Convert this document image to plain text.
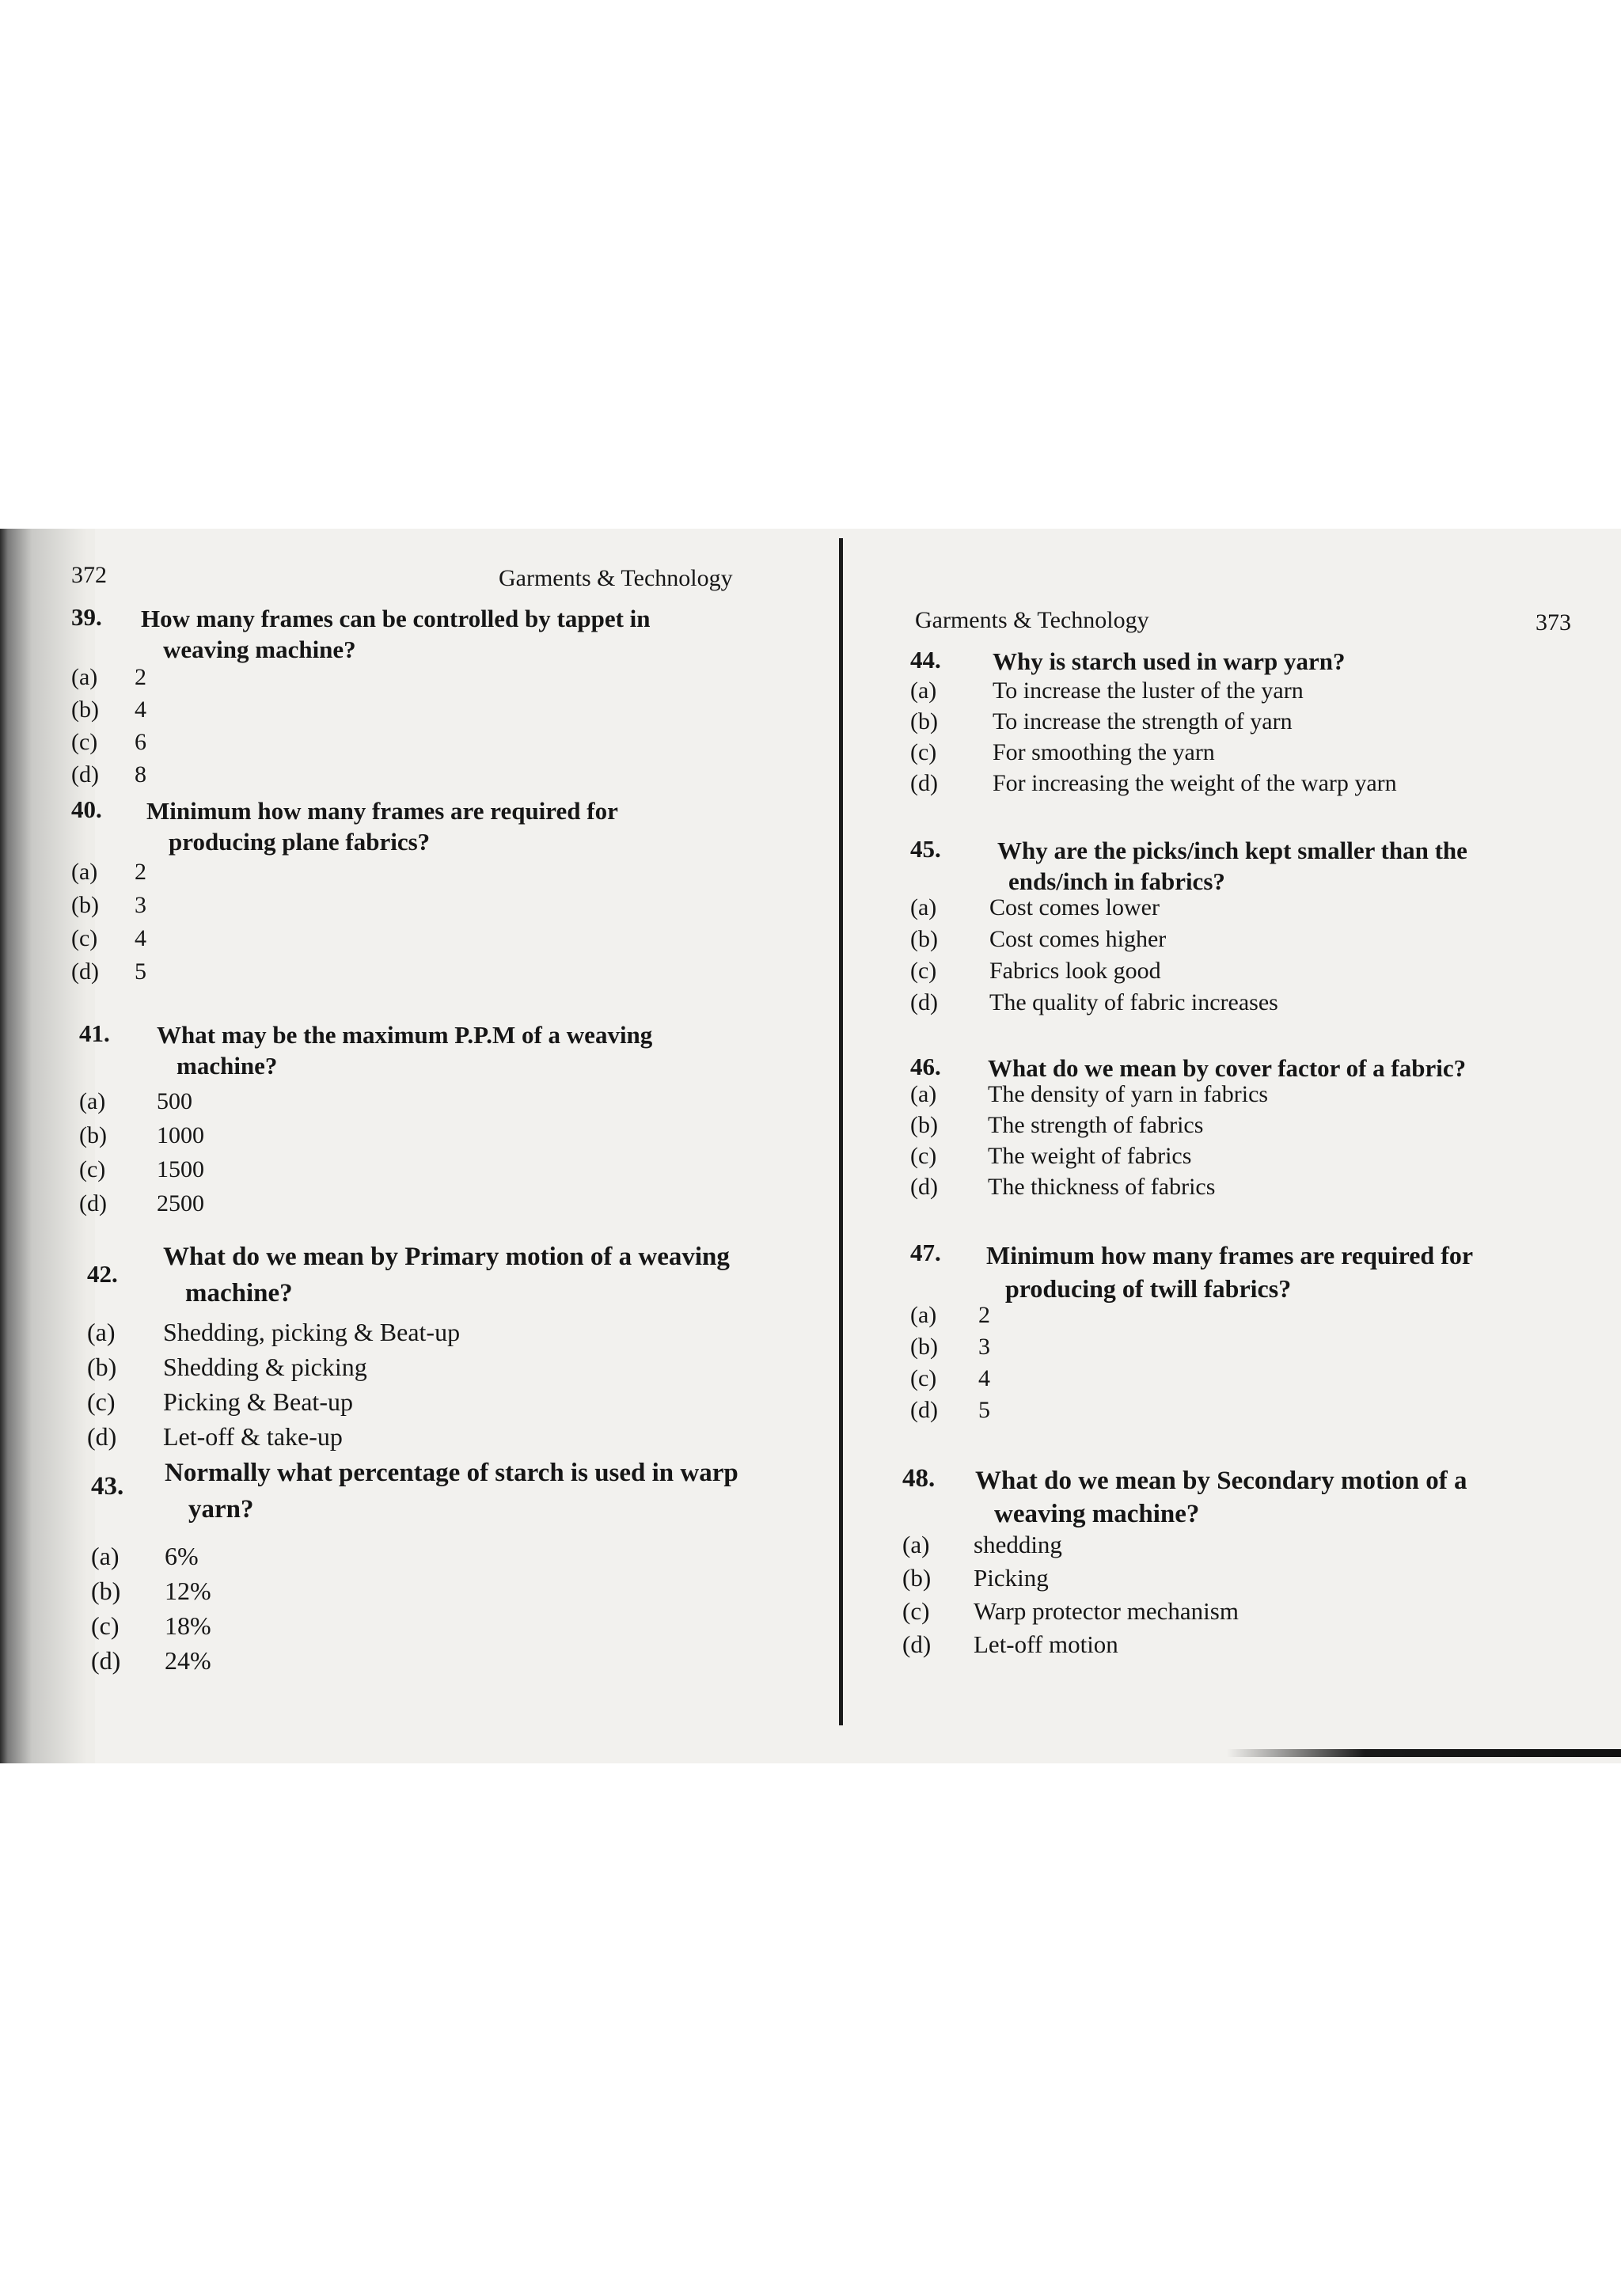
372	Garments & Technology
39. How many frames can be controlled by tappet in
weaving machine?
(a) 2
(b) 4
(c) 6
(d) 8
40. Minimum how many frames are required for
producing plane fabrics?
(a) 2
(b) 3
(c) 4
(d) 5
41. What may be the maximum P.P.M of a weaving
machine?
(a) 500
(b) 1000
(c) 1500
(d) 2500
42.
What do we mean by Primary motion of a weaving
machine?
(a) Shedding, picking & Beat-up
(b) Shedding & picking
(c) Picking & Beat-up
(d) Let-off & take-up
43. Normally what percentage of starch is used in warp
yarn?
(a) 6%
(b) 12%
(c) 18%
(d) 24%
Garments & Technology	373
44. Why is starch used in warp yarn?
(a) To increase the luster of the yarn
(b) To increase the strength of yarn
(c) For smoothing the yarn
(d) For increasing the weight of the warp yarn
45. Why are the picks/inch kept smaller than the
ends/inch in fabrics?
(a) Cost comes lower
(b) Cost comes higher
(c) Fabrics look good
(d) The quality of fabric increases
46. What do we mean by cover factor of a fabric?
(a) The density of yarn in fabrics
(b) The strength of fabrics
(c) The weight of fabrics
(d) The thickness of fabrics
47. Minimum how many frames are required for
producing of twill fabrics?
(a) 2
(b) 3
(c) 4
(d) 5
48. What do we mean by Secondary motion of a
weaving machine?
(a) shedding
(b) Picking
(c) Warp protector mechanism
(d) Let-off motion
